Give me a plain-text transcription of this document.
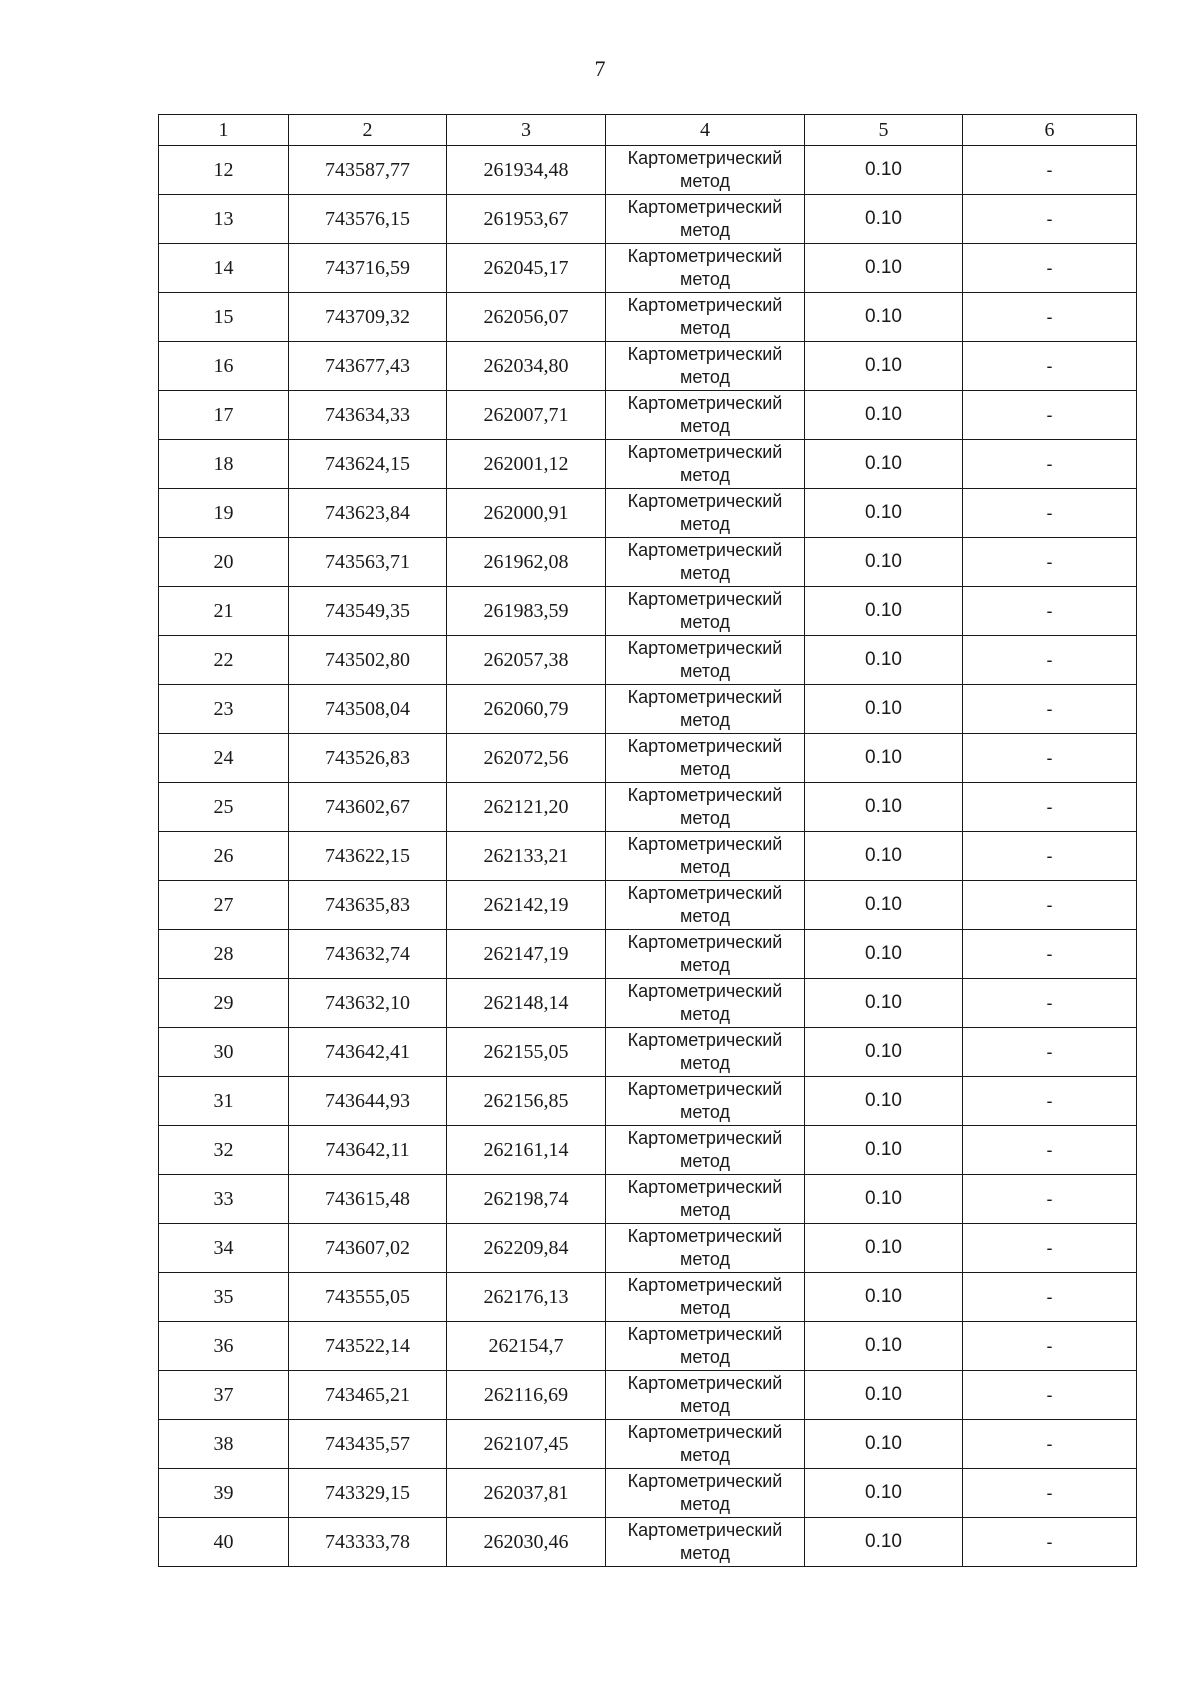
7
1	2	3	4	5	6
12	743587,77	261934,48	Картометрический
метод	0.10	-
13	743576,15	261953,67	Картометрический
метод	0.10	-
14	743716,59	262045,17	Картометрический
метод	0.10	-
15	743709,32	262056,07	Картометрический
метод	0.10	-
16	743677,43	262034,80	Картометрический
метод	0.10	-
17	743634,33	262007,71	Картометрический
метод	0.10	-
18	743624,15	262001,12	Картометрический
метод	0.10	-
19	743623,84	262000,91	Картометрический
метод	0.10	-
20	743563,71	261962,08	Картометрический
метод	0.10	-
21	743549,35	261983,59	Картометрический
метод	0.10	-
22	743502,80	262057,38	Картометрический
метод	0.10	-
23	743508,04	262060,79	Картометрический
метод	0.10	-
24	743526,83	262072,56	Картометрический
метод	0.10	-
25	743602,67	262121,20	Картометрический
метод	0.10	-
26	743622,15	262133,21	Картометрический
метод	0.10	-
27	743635,83	262142,19	Картометрический
метод	0.10	-
28	743632,74	262147,19	Картометрический
метод	0.10	-
29	743632,10	262148,14	Картометрический
метод	0.10	-
30	743642,41	262155,05	Картометрический
метод	0.10	-
31	743644,93	262156,85	Картометрический
метод	0.10	-
32	743642,11	262161,14	Картометрический
метод	0.10	-
33	743615,48	262198,74	Картометрический
метод	0.10	-
34	743607,02	262209,84	Картометрический
метод	0.10	-
35	743555,05	262176,13	Картометрический
метод	0.10	-
36	743522,14	262154,7	Картометрический
метод	0.10	-
37	743465,21	262116,69	Картометрический
метод	0.10	-
38	743435,57	262107,45	Картометрический
метод	0.10	-
39	743329,15	262037,81	Картометрический
метод	0.10	-
40	743333,78	262030,46	Картометрический
метод	0.10	-
